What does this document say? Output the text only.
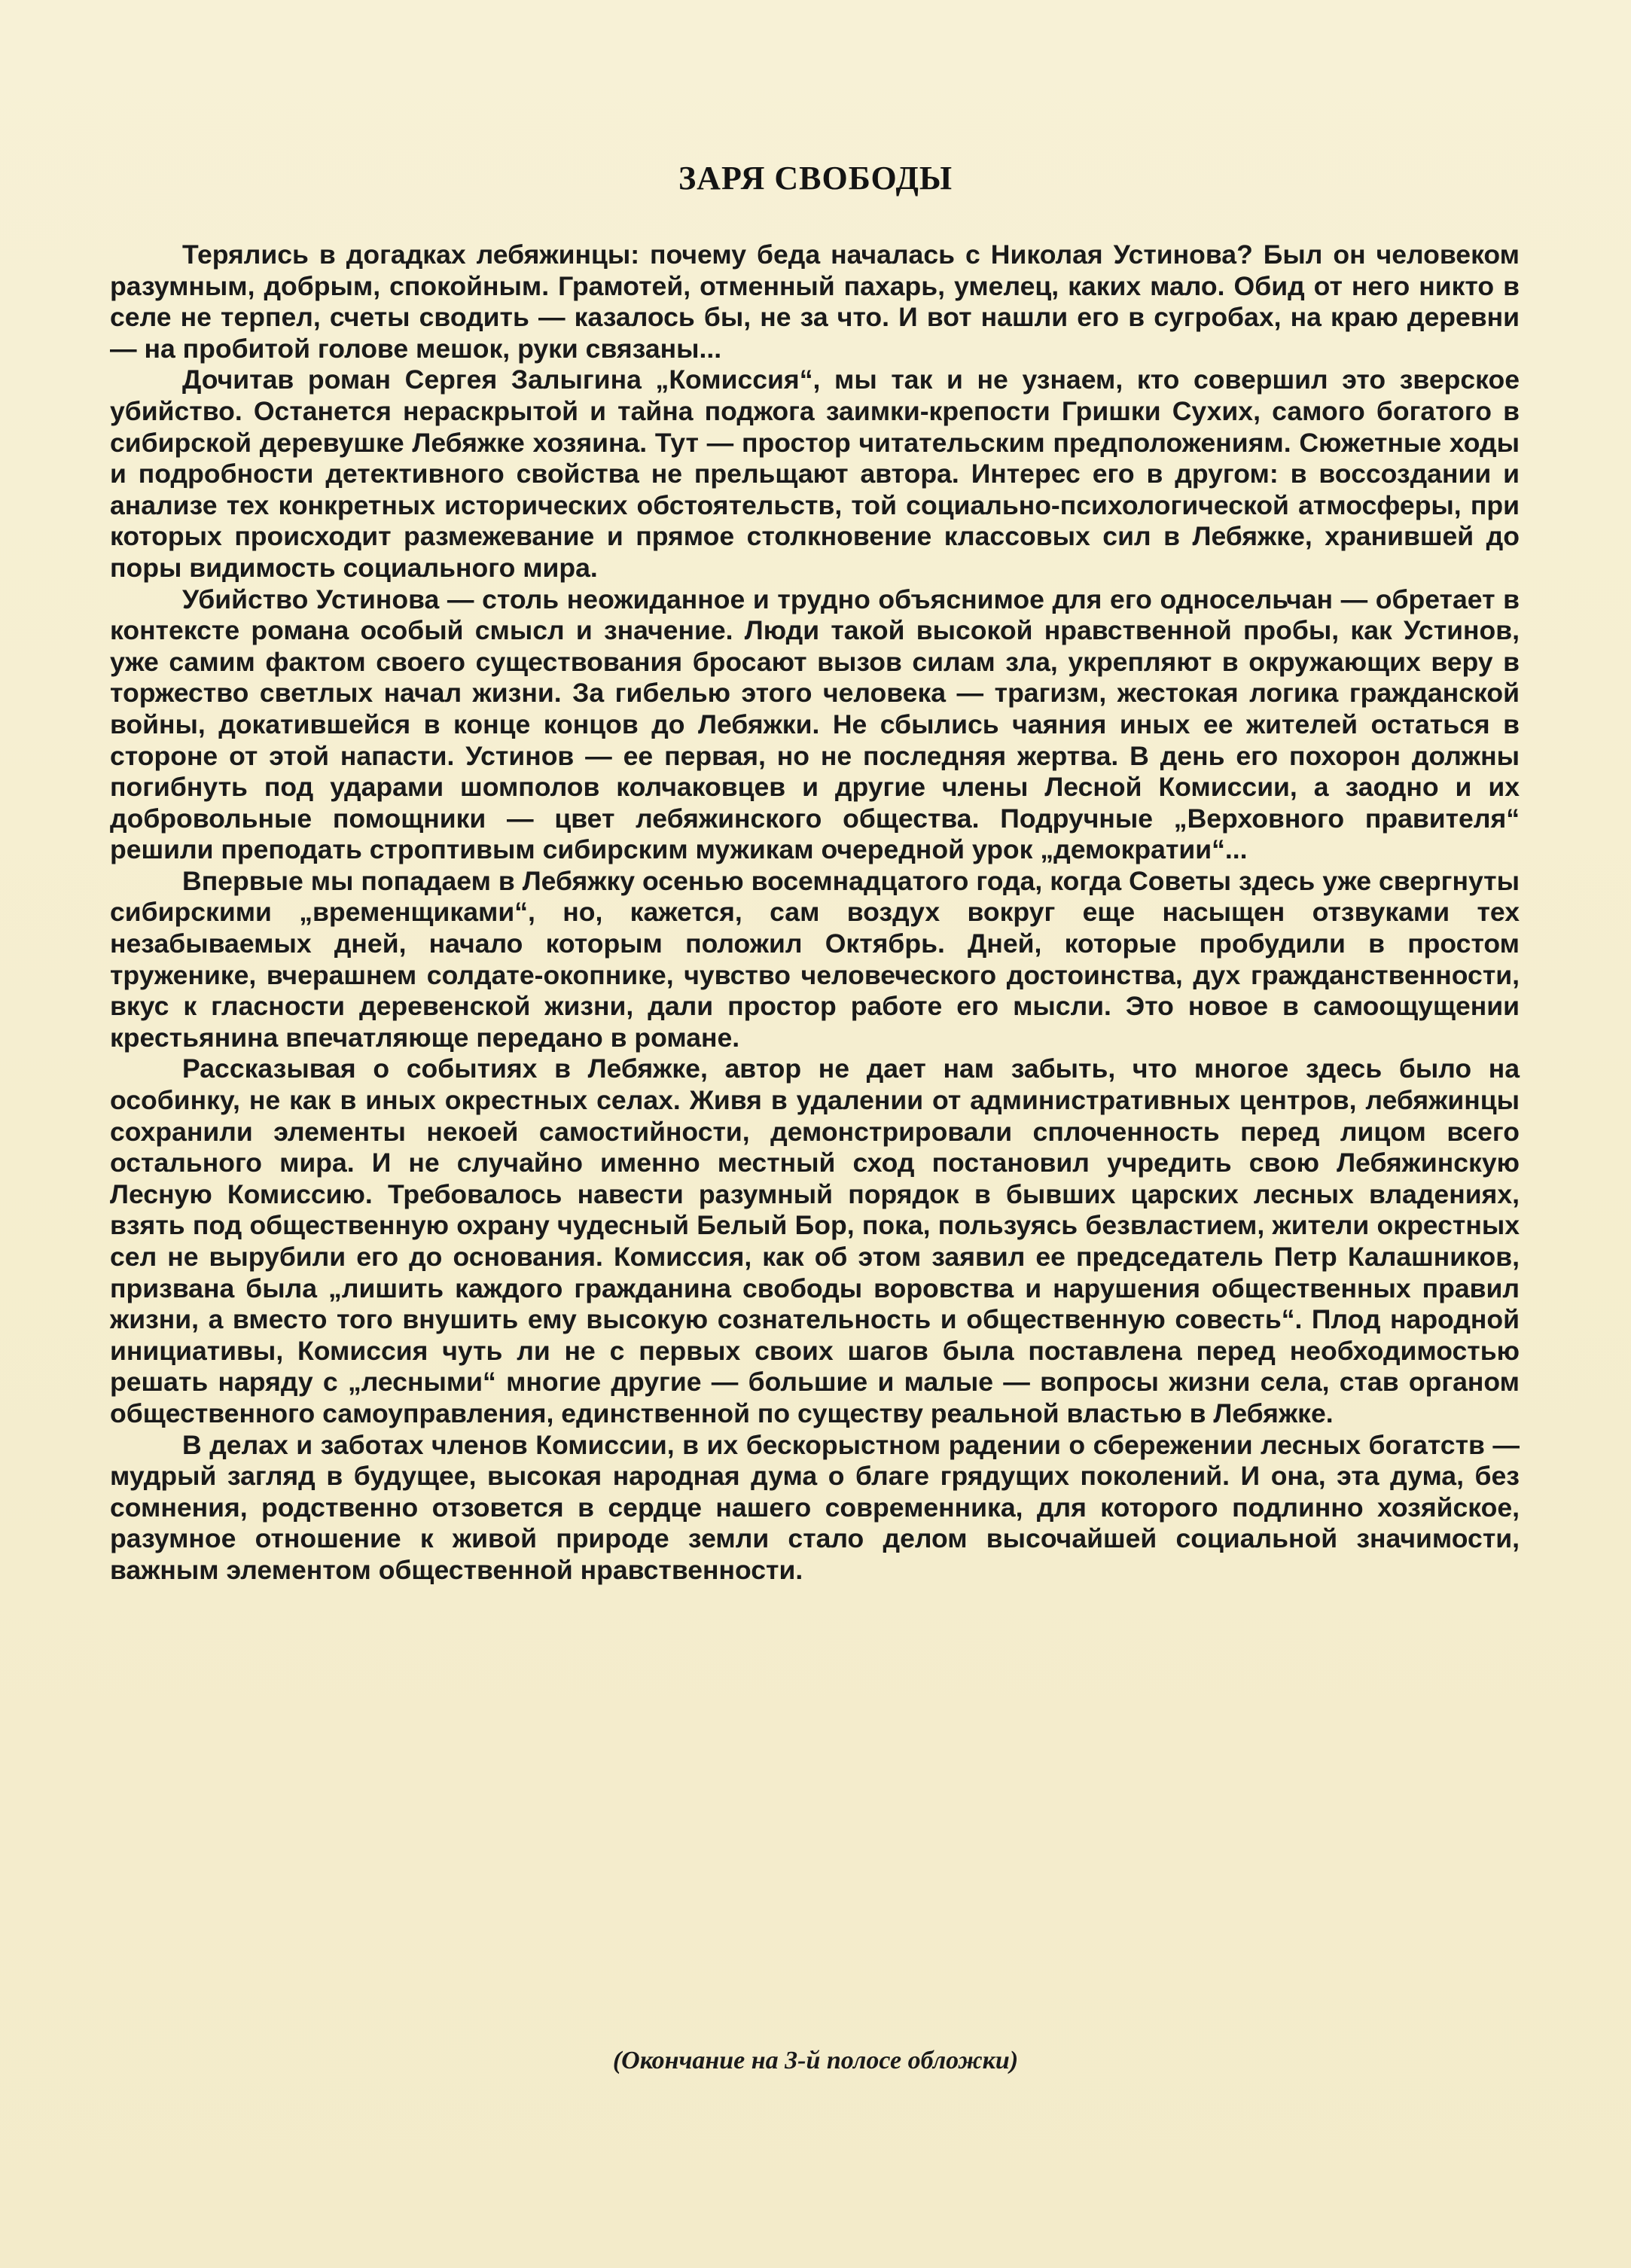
ЗАРЯ СВОБОДЫ

Терялись в догадках лебяжинцы: почему беда началась с Николая Устинова? Был он человеком разумным, добрым, спокойным. Грамотей, отменный пахарь, умелец, каких мало. Обид от него никто в селе не терпел, счеты сводить — казалось бы, не за что. И вот нашли его в сугробах, на краю деревни — на пробитой голове мешок, руки связаны...

Дочитав роман Сергея Залыгина „Комиссия“, мы так и не узнаем, кто совершил это зверское убийство. Останется нераскрытой и тайна поджога заимки-крепости Гришки Сухих, самого богатого в сибирской деревушке Лебяжке хозяина. Тут — простор читательским предположениям. Сюжетные ходы и подробности детективного свойства не прельщают автора. Интерес его в другом: в воссоздании и анализе тех конкретных исторических обстоятельств, той социально-психологической атмосферы, при которых происходит размежевание и прямое столкновение классовых сил в Лебяжке, хранившей до поры видимость социального мира.

Убийство Устинова — столь неожиданное и трудно объяснимое для его односельчан — обретает в контексте романа особый смысл и значение. Люди такой высокой нравственной пробы, как Устинов, уже самим фактом своего существования бросают вызов силам зла, укрепляют в окружающих веру в торжество светлых начал жизни. За гибелью этого человека — трагизм, жестокая логика гражданской войны, докатившейся в конце концов до Лебяжки. Не сбылись чаяния иных ее жителей остаться в стороне от этой напасти. Устинов — ее первая, но не последняя жертва. В день его похорон должны погибнуть под ударами шомполов колчаковцев и другие члены Лесной Комиссии, а заодно и их добровольные помощники — цвет лебяжинского общества. Подручные „Верховного правителя“ решили преподать строптивым сибирским мужикам очередной урок „демократии“...

Впервые мы попадаем в Лебяжку осенью восемнадцатого года, когда Советы здесь уже свергнуты сибирскими „временщиками“, но, кажется, сам воздух вокруг еще насыщен отзвуками тех незабываемых дней, начало которым положил Октябрь. Дней, которые пробудили в простом труженике, вчерашнем солдате-окопнике, чувство человеческого достоинства, дух гражданственности, вкус к гласности деревенской жизни, дали простор работе его мысли. Это новое в самоощущении крестьянина впечатляюще передано в романе.

Рассказывая о событиях в Лебяжке, автор не дает нам забыть, что многое здесь было на особинку, не как в иных окрестных селах. Живя в удалении от административных центров, лебяжинцы сохранили элементы некоей самостийности, демонстрировали сплоченность перед лицом всего остального мира. И не случайно именно местный сход постановил учредить свою Лебяжинскую Лесную Комиссию. Требовалось навести разумный порядок в бывших царских лесных владениях, взять под общественную охрану чудесный Белый Бор, пока, пользуясь безвластием, жители окрестных сел не вырубили его до основания. Комиссия, как об этом заявил ее председатель Петр Калашников, призвана была „лишить каждого гражданина свободы воровства и нарушения общественных правил жизни, а вместо того внушить ему высокую сознательность и общественную совесть“. Плод народной инициативы, Комиссия чуть ли не с первых своих шагов была поставлена перед необходимостью решать наряду с „лесными“ многие другие — большие и малые — вопросы жизни села, став органом общественного самоуправления, единственной по существу реальной властью в Лебяжке.

В делах и заботах членов Комиссии, в их бескорыстном радении о сбережении лесных богатств — мудрый загляд в будущее, высокая народная дума о благе грядущих поколений. И она, эта дума, без сомнения, родственно отзовется в сердце нашего современника, для которого подлинно хозяйское, разумное отношение к живой природе земли стало делом высочайшей социальной значимости, важным элементом общественной нравственности.

(Окончание на 3-й полосе обложки)
